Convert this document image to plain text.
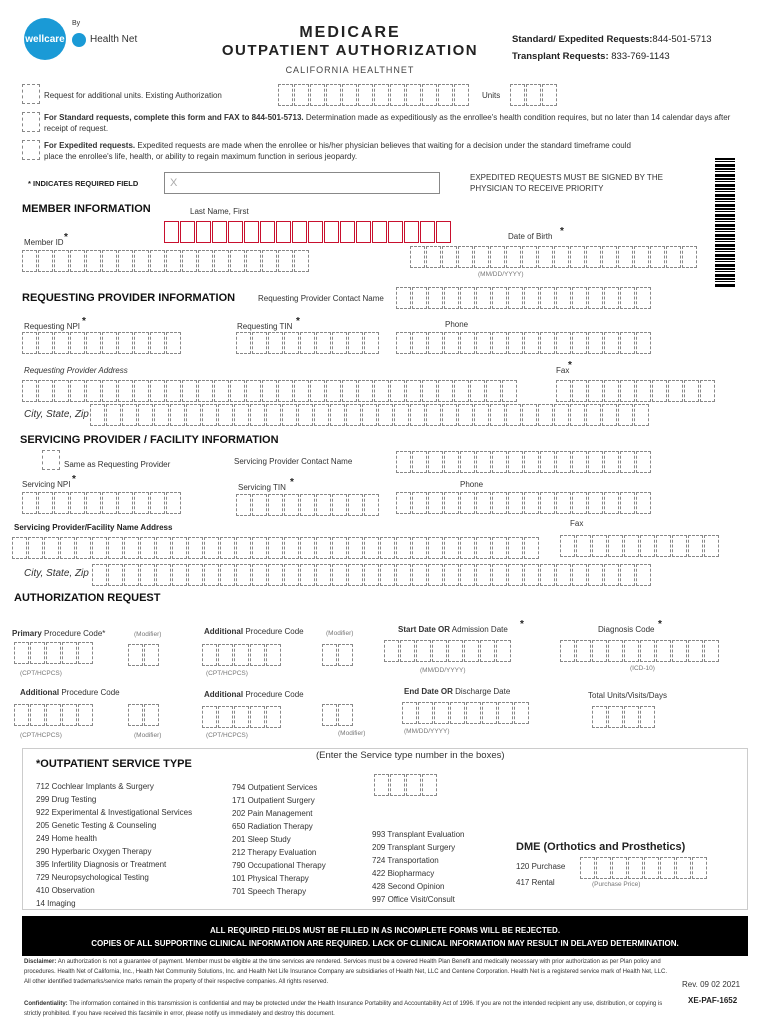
wellcare
By
Health Net	MEDICARE
OUTPATIENT AUTHORIZATION
CALIFORNIA HEALTHNET
Standard/ Expedited Requests:844-501-5713
Transplant Requests: 833-769-1143
Request for additional units. Existing Authorization	Units
For Standard requests, complete this form and FAX to 844-501-5713. Determination made as expeditiously as the enrollee's health condition requires, but no later than 14 calendar days after receipt of request.
For Expedited requests. Expedited requests are made when the enrollee or his/her physician believes that waiting for a decision under the standard timeframe could place the enrollee's life, health, or ability to regain maximum function in serious jeopardy.
* INDICATES REQUIRED FIELD	X	EXPEDITED REQUESTS MUST BE SIGNED BY THE PHYSICIAN TO RECEIVE PRIORITY
MEMBER INFORMATION	Last Name, First
Member ID *	Date of Birth *
(MM/DD/YYYY)
REQUESTING PROVIDER INFORMATION	Requesting Provider Contact Name
Requesting NPI *	Requesting TIN *	Phone
Requesting Provider Address	Fax
*
City, State, Zip
SERVICING PROVIDER / FACILITY INFORMATION
Same as Requesting Provider	Servicing Provider Contact Name
Servicing NPI *
Servicing TIN *	Phone
Servicing Provider/Facility Name Address	Fax
City, State, Zip
AUTHORIZATION REQUEST
Primary Procedure Code*	(Modifier)	Additional Procedure Code	(Modifier)	Start Date OR Admission Date *	Diagnosis Code *
(CPT/HCPCS)	(CPT/HCPCS)	(MM/DD/YYYY)	(ICD-10)
Additional Procedure Code	Additional Procedure Code	End Date OR Discharge Date	Total Units/Visits/Days
(CPT/HCPCS)	(Modifier)	(CPT/HCPCS)	(Modifier)	(MM/DD/YYYY)
*OUTPATIENT SERVICE TYPE
(Enter the Service type number in the boxes)
712 Cochlear Implants & Surgery
299 Drug Testing
922 Experimental & Investigational Services
205 Genetic Testing & Counseling
249 Home health
290 Hyperbaric Oxygen Therapy
395 Infertility Diagnosis or Treatment
729 Neuropsychological Testing
410 Observation
14 Imaging
794 Outpatient Services
171 Outpatient Surgery
202 Pain Management
650 Radiation Therapy
201 Sleep Study
212 Therapy Evaluation
790 Occupational Therapy
101 Physical Therapy
701 Speech Therapy
993 Transplant Evaluation
209 Transplant Surgery
724 Transportation
422 Biopharmacy
428 Second Opinion
997 Office Visit/Consult
DME (Orthotics and Prosthetics)
120 Purchase
417 Rental	(Purchase Price)
ALL REQUIRED FIELDS MUST BE FILLED IN AS INCOMPLETE FORMS WILL BE REJECTED.
COPIES OF ALL SUPPORTING CLINICAL INFORMATION ARE REQUIRED. LACK OF CLINICAL INFORMATION MAY RESULT IN DELAYED DETERMINATION.
Disclaimer: An authorization is not a guarantee of payment. Member must be eligible at the time services are rendered. Services must be a covered Health Plan Benefit and medically necessary with prior authorization as per Plan policy and procedures. Health Net of California, Inc., Health Net Community Solutions, Inc. and Health Net Life Insurance Company are subsidiaries of Health Net, LLC and Centene Corporation. Health Net is a registered service mark of Health Net, LLC. All other identified trademarks/service marks remain the property of their respective companies. All rights reserved.	Rev. 09 02 2021
Confidentiality: The information contained in this transmission is confidential and may be protected under the Health Insurance Portability and Accountability Act of 1996. If you are not the intended recipient any use, distribution, or copying is strictly prohibited. If you have received this facsimile in error, please notify us immediately and destroy this document.
XE-PAF-1652
